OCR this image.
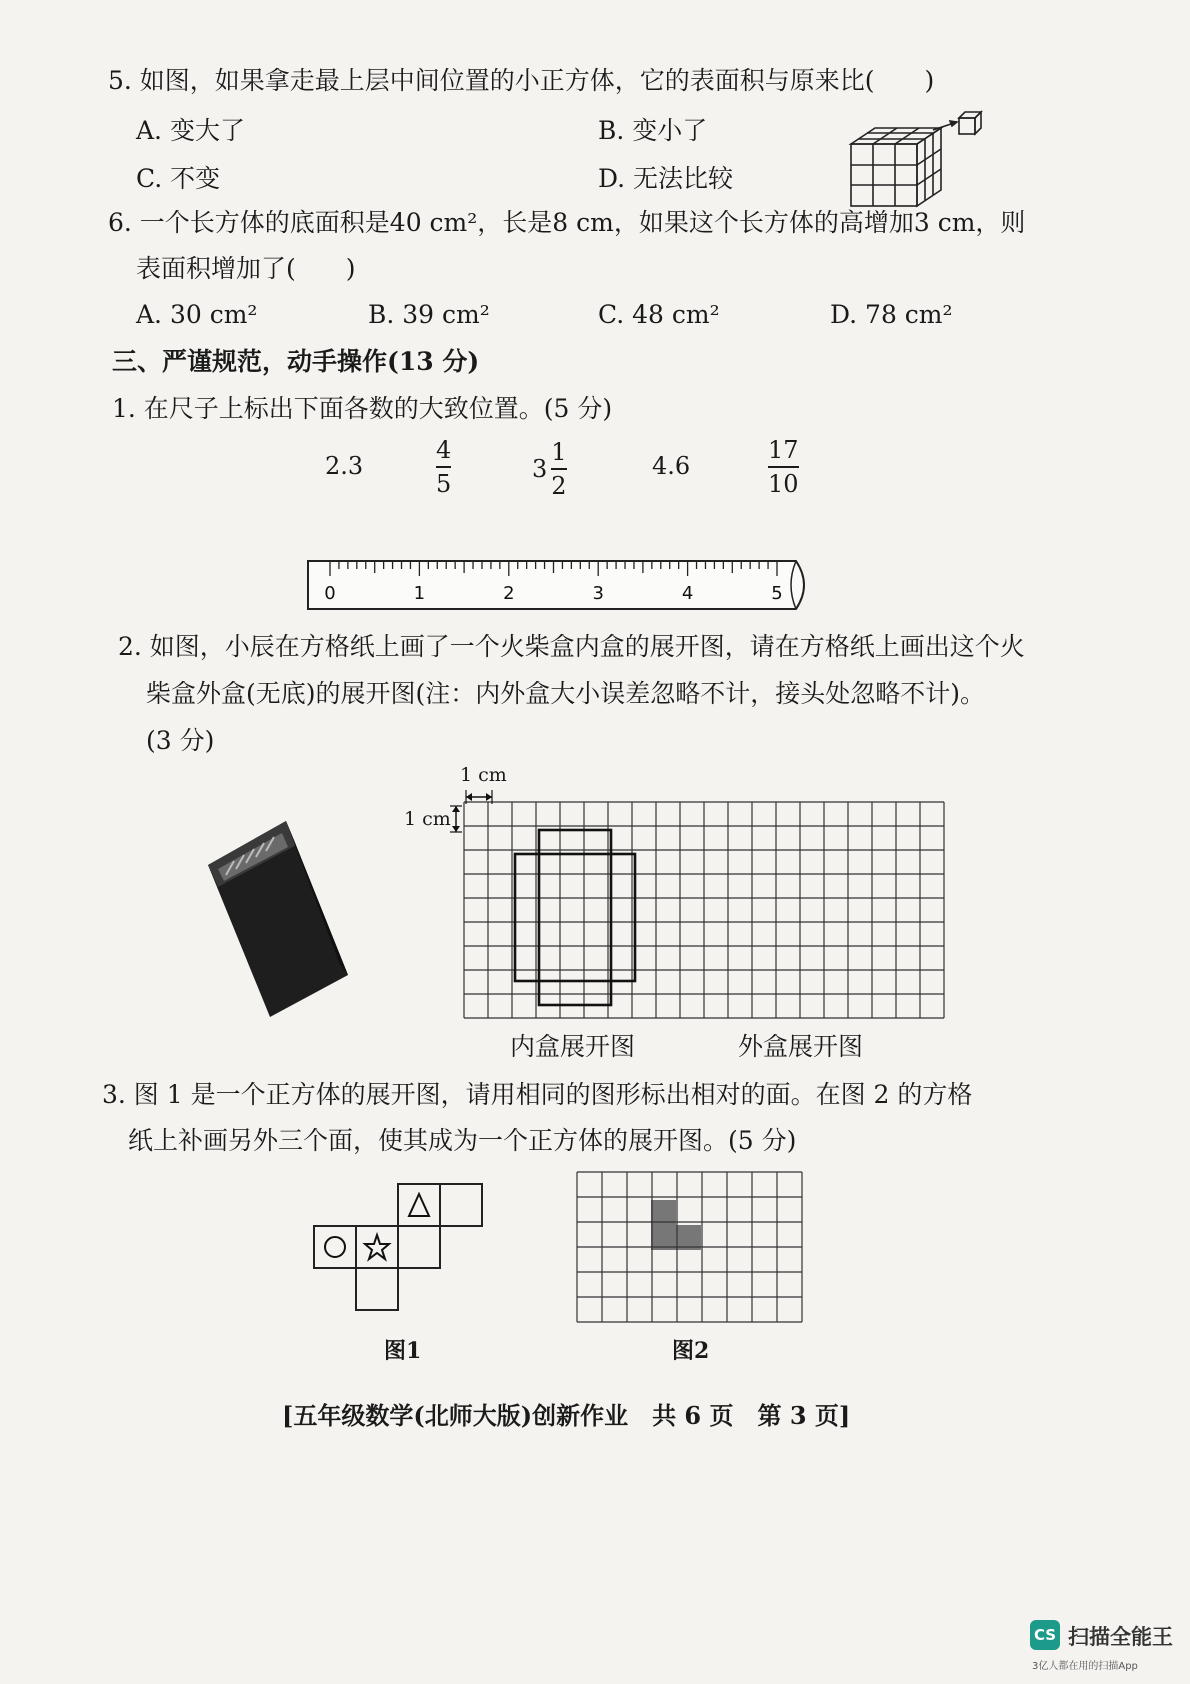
5. 如图，如果拿走最上层中间位置的小正方体，它的表面积与原来比(　　)
A. 变大了	B. 变小了
C. 不变	D. 无法比较
6. 一个长方体的底面积是40 cm²，长是8 cm，如果这个长方体的高增加3 cm，则
表面积增加了(　　)
A. 30 cm²	B. 39 cm²	C. 48 cm²	D. 78 cm²
三、严谨规范，动手操作(13 分)
1. 在尺子上标出下面各数的大致位置。(5 分)
2.3
4
5
3
1
2
4.6
17
10
0	1	2	3	4	5
2. 如图，小辰在方格纸上画了一个火柴盒内盒的展开图，请在方格纸上画出这个火
柴盒外盒(无底)的展开图(注：内外盒大小误差忽略不计，接头处忽略不计)。
(3 分)
1 cm
1 cm
内盒展开图	外盒展开图
3. 图 1 是一个正方体的展开图，请用相同的图形标出相对的面。在图 2 的方格
纸上补画另外三个面，使其成为一个正方体的展开图。(5 分)
图1	图2
[五年级数学(北师大版)创新作业　共 6 页　第 3 页]
CS 扫描全能王
3亿人都在用的扫描App
